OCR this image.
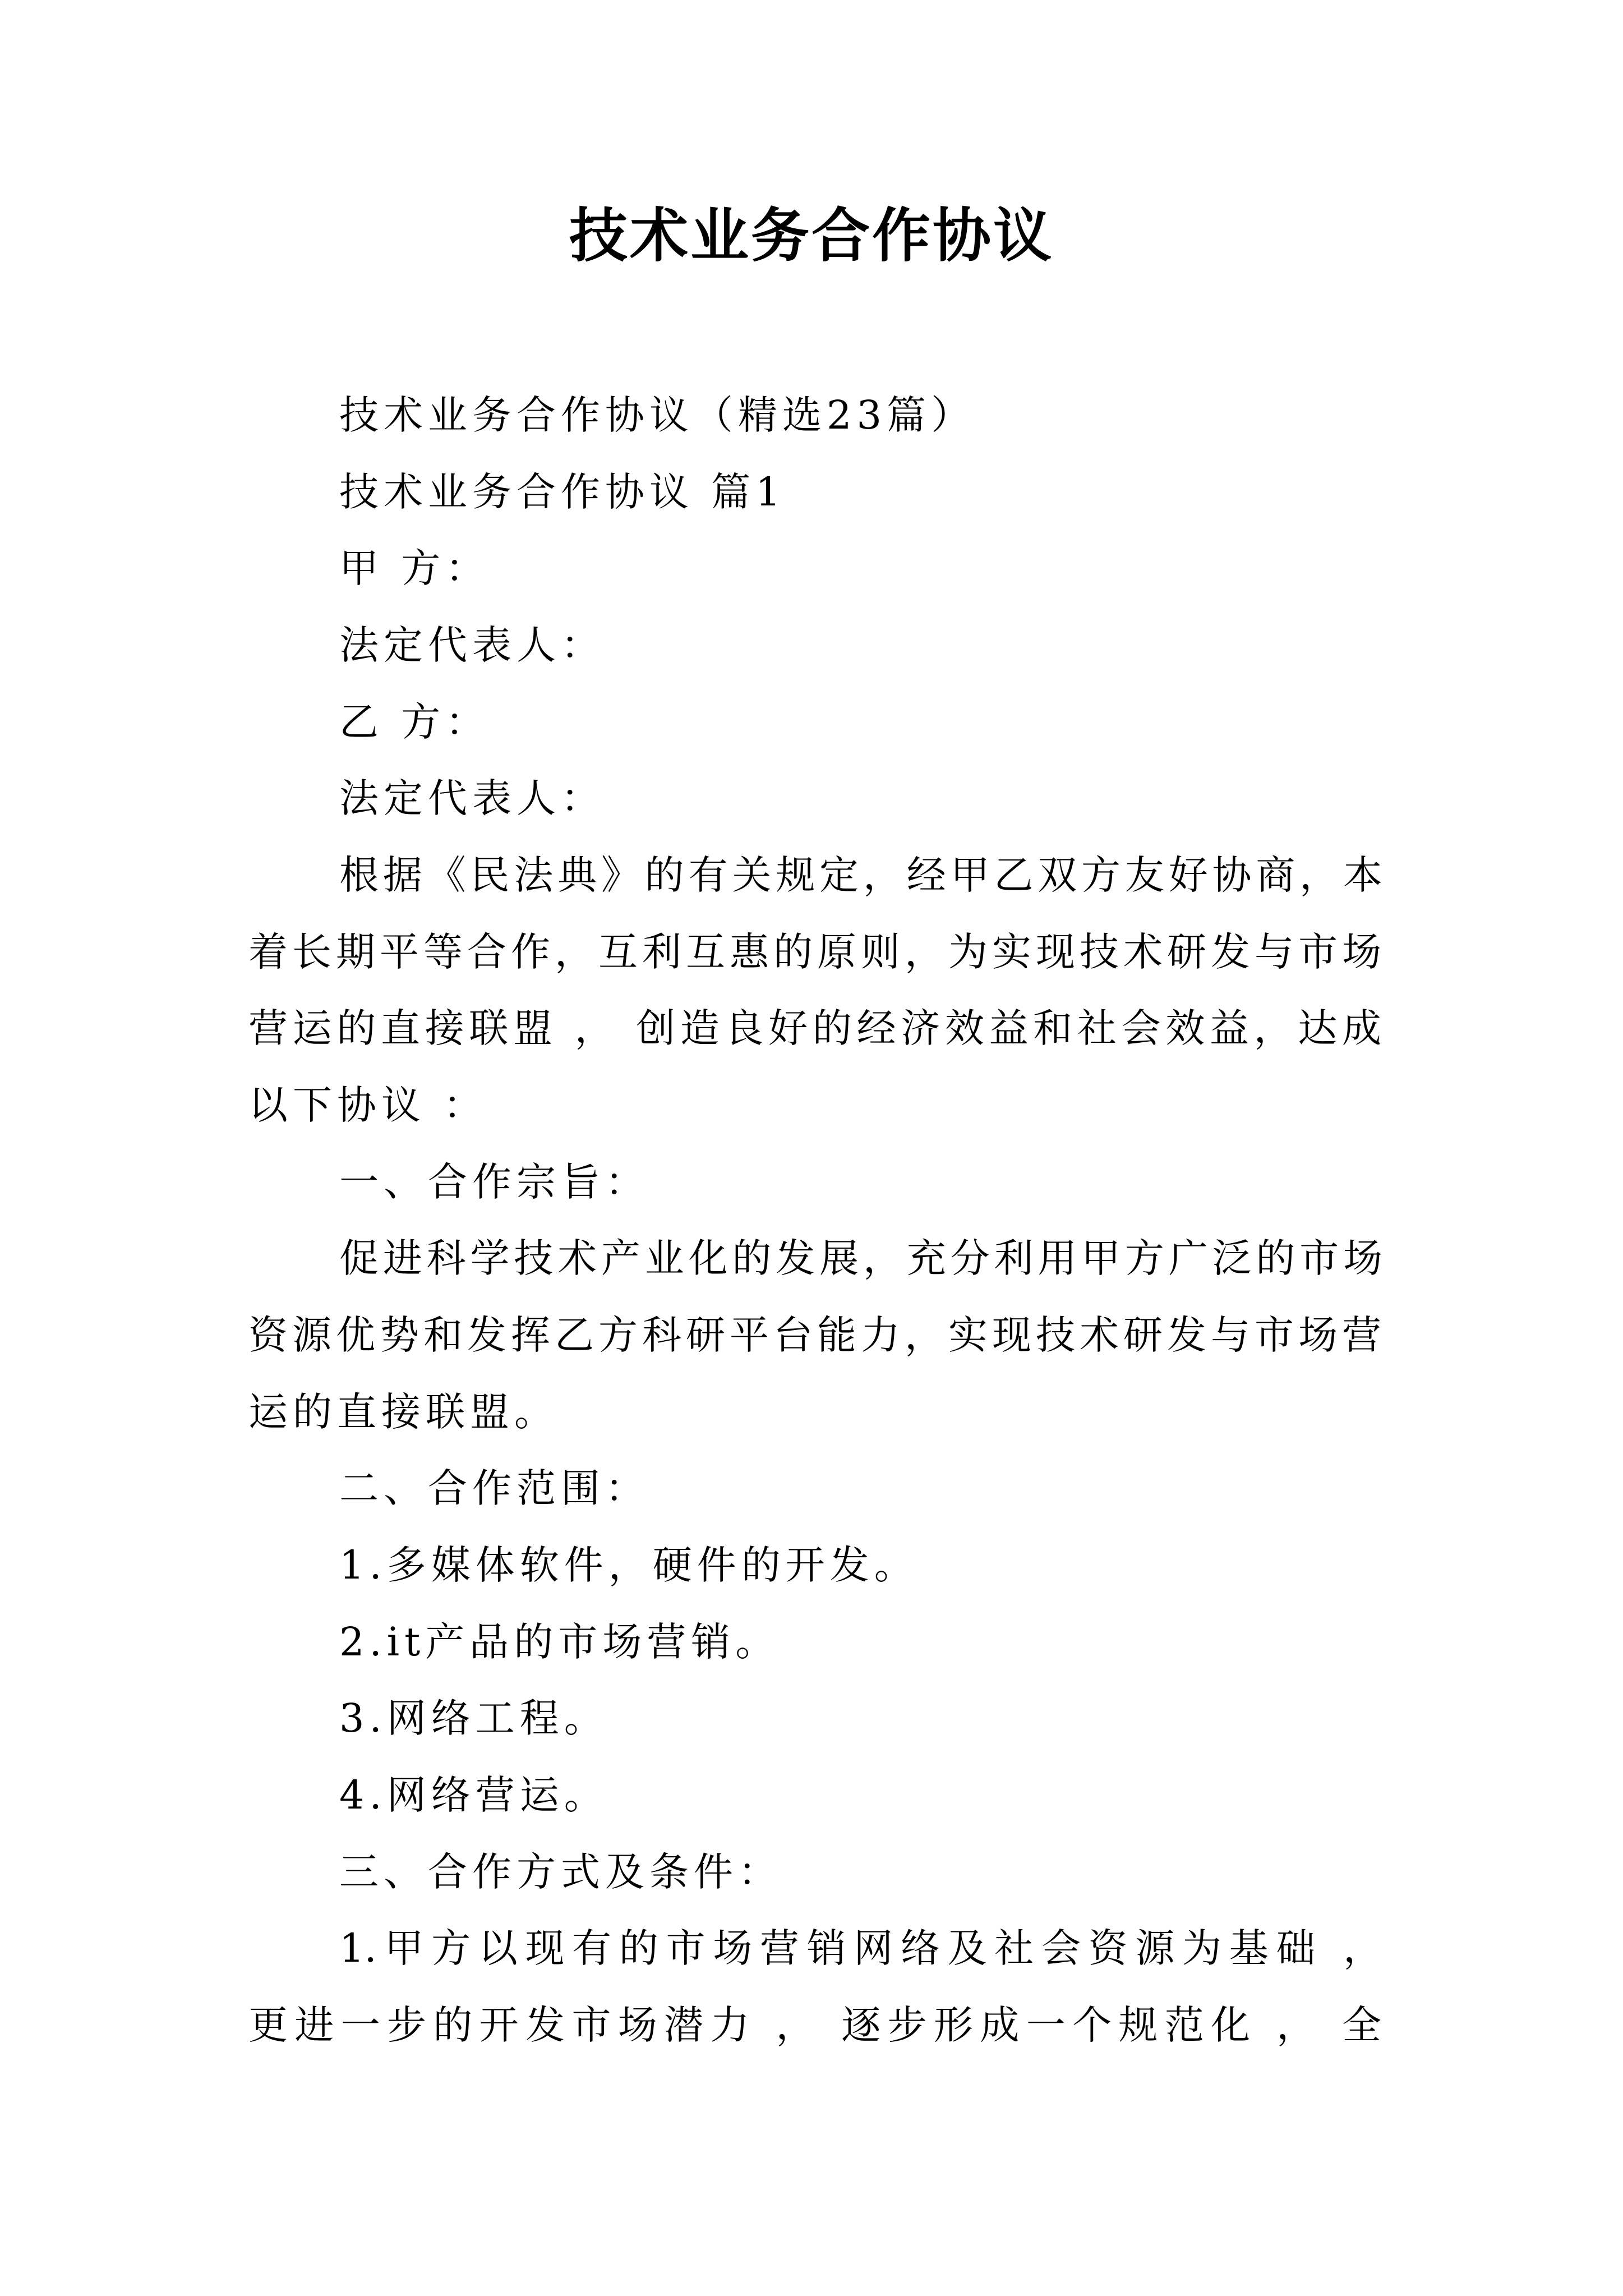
技术业务合作协议
技术业务合作协议（精选23篇）
技术业务合作协议 篇1
甲 方：
法定代表人：
乙 方：
法定代表人：
根据《民法典》的有关规定，经甲乙双方友好协商，本
着长期平等合作，互利互惠的原则，为实现技术研发与市场
营运的直接联盟 ， 创造良好的经济效益和社会效益，达成
以下协议 ：
一、合作宗旨：
促进科学技术产业化的发展，充分利用甲方广泛的市场
资源优势和发挥乙方科研平台能力，实现技术研发与市场营
运的直接联盟。
二、合作范围：
1.多媒体软件，硬件的开发。
2.it产品的市场营销。
3.网络工程。
4.网络营运。
三、合作方式及条件：
1.甲方以现有的市场营销网络及社会资源为基础 ，
更进一步的开发市场潜力 ， 逐步形成一个规范化 ， 全
